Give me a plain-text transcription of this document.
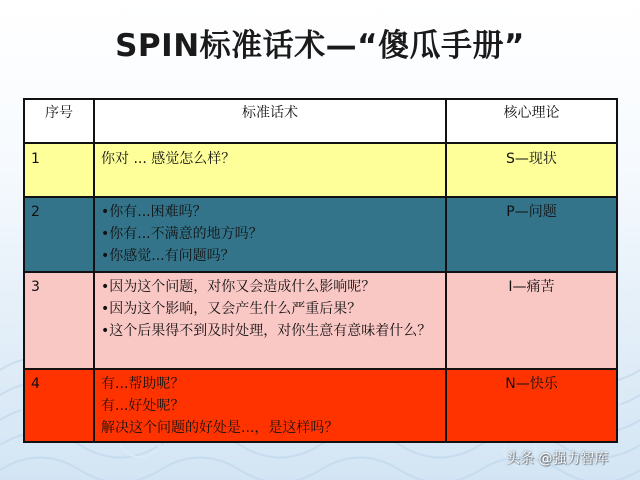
SPIN标准话术—“傻瓜手册”
序号	标准话术	核心理论
1	你对 ... 感觉怎么样？	S—现状
2	•你有...困难吗？
•你有...不满意的地方吗？
•你感觉...有问题吗？	P—问题
3	•因为这个问题，对你又会造成什么影响呢？
•因为这个影响，又会产生什么严重后果？
•这个后果得不到及时处理，对你生意有意味着什么？	I—痛苦
4	有...帮助呢？
有...好处呢？
解决这个问题的好处是...，是这样吗？	N—快乐
头条 @强力智库
